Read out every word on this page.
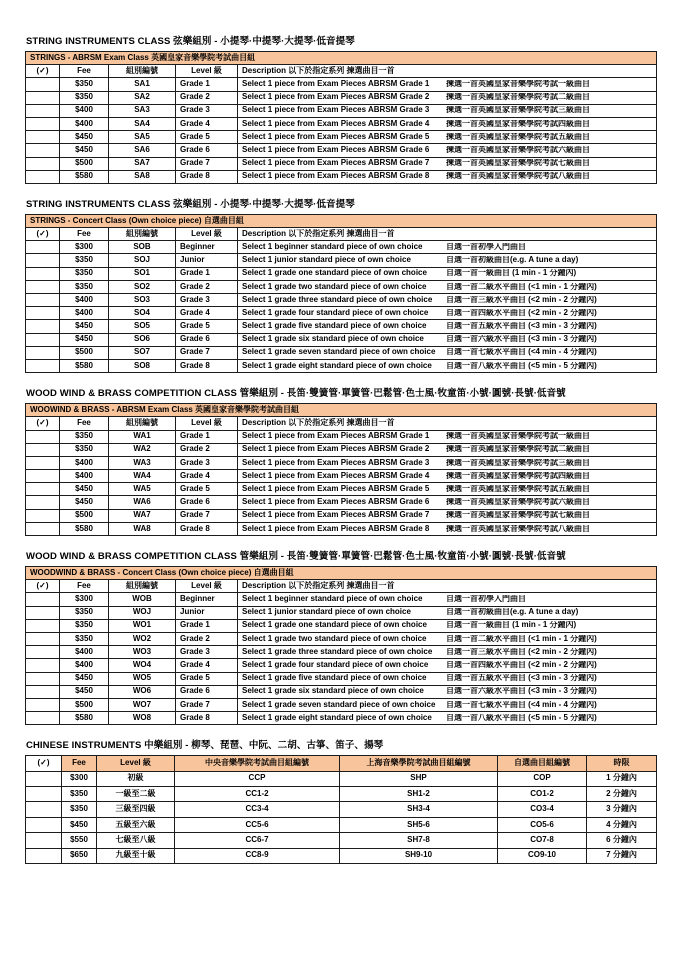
STRING INSTRUMENTS CLASS 弦樂組別 - 小提琴·中提琴·大提琴·低音提琴
STRINGS - ABRSM Exam Class 英國皇家音樂學院考試曲目組				
(✓)	Fee	組別編號	Level 級	Description 以下於指定系列 揀選曲目一首
	$350	SA1	Grade 1	Select 1 piece from Exam Pieces ABRSM Grade 1 揀選一首英國皇家音樂學院考試一級曲目

	$350	SA2	Grade 2	Select 1 piece from Exam Pieces ABRSM Grade 2 揀選一首英國皇家音樂學院考試二級曲目

	$400	SA3	Grade 3	Select 1 piece from Exam Pieces ABRSM Grade 3 揀選一首英國皇家音樂學院考試三級曲目

	$400	SA4	Grade 4	Select 1 piece from Exam Pieces ABRSM Grade 4 揀選一首英國皇家音樂學院考試四級曲目

	$450	SA5	Grade 5	Select 1 piece from Exam Pieces ABRSM Grade 5 揀選一首英國皇家音樂學院考試五級曲目

	$450	SA6	Grade 6	Select 1 piece from Exam Pieces ABRSM Grade 6 揀選一首英國皇家音樂學院考試六級曲目

	$500	SA7	Grade 7	Select 1 piece from Exam Pieces ABRSM Grade 7 揀選一首英國皇家音樂學院考試七級曲目

	$580	SA8	Grade 8	Select 1 piece from Exam Pieces ABRSM Grade 8 揀選一首英國皇家音樂學院考試八級曲目
STRING INSTRUMENTS CLASS 弦樂組別 - 小提琴·中提琴·大提琴·低音提琴
STRINGS - Concert Class (Own choice piece) 自選曲目組				
(✓)	Fee	組別編號	Level 級	Description 以下於指定系列 揀選曲目一首
	$300	SOB	Beginner	Select 1 beginner standard piece of own choice 自選一首初學入門曲目

	$350	SOJ	Junior	Select 1 junior standard piece of own choice 自選一首初級曲目(e.g. A tune a day)

	$350	SO1	Grade 1	Select 1 grade one standard piece of own choice 自選一首一級曲目 (1 min - 1 分鐘內)

	$350	SO2	Grade 2	Select 1 grade two standard piece of own choice 自選一首二級水平曲目 (<1 min - 1 分鐘內)

	$400	SO3	Grade 3	Select 1 grade three standard piece of own choice 自選一首三級水平曲目 (<2 min - 2 分鐘內)

	$400	SO4	Grade 4	Select 1 grade four standard piece of own choice 自選一首四級水平曲目 (<2 min - 2 分鐘內)

	$450	SO5	Grade 5	Select 1 grade five standard piece of own choice 自選一首五級水平曲目 (<3 min - 3 分鐘內)

	$450	SO6	Grade 6	Select 1 grade six standard piece of own choice 自選一首六級水平曲目 (<3 min - 3 分鐘內)

	$500	SO7	Grade 7	Select 1 grade seven standard piece of own choice 自選一首七級水平曲目 (<4 min - 4 分鐘內)

	$580	SO8	Grade 8	Select 1 grade eight standard piece of own choice 自選一首八級水平曲目 (<5 min - 5 分鐘內)
WOOD WIND & BRASS COMPETITION CLASS 管樂組別 - 長笛·雙簧管·單簧管·巴鬆管·色士風·牧童笛·小號·圓號·長號·低音號
WOOWIND & BRASS - ABRSM Exam Class 英國皇家音樂學院考試曲目組				
(✓)	Fee	組別編號	Level 級	Description 以下於指定系列 揀選曲目一首
	$350	WA1	Grade 1	Select 1 piece from Exam Pieces ABRSM Grade 1 揀選一首英國皇家音樂學院考試一級曲目

	$350	WA2	Grade 2	Select 1 piece from Exam Pieces ABRSM Grade 2 揀選一首英國皇家音樂學院考試二級曲目

	$400	WA3	Grade 3	Select 1 piece from Exam Pieces ABRSM Grade 3 揀選一首英國皇家音樂學院考試三級曲目

	$400	WA4	Grade 4	Select 1 piece from Exam Pieces ABRSM Grade 4 揀選一首英國皇家音樂學院考試四級曲目

	$450	WA5	Grade 5	Select 1 piece from Exam Pieces ABRSM Grade 5 揀選一首英國皇家音樂學院考試五級曲目

	$450	WA6	Grade 6	Select 1 piece from Exam Pieces ABRSM Grade 6 揀選一首英國皇家音樂學院考試六級曲目

	$500	WA7	Grade 7	Select 1 piece from Exam Pieces ABRSM Grade 7 揀選一首英國皇家音樂學院考試七級曲目

	$580	WA8	Grade 8	Select 1 piece from Exam Pieces ABRSM Grade 8 揀選一首英國皇家音樂學院考試八級曲目
WOOD WIND & BRASS COMPETITION CLASS 管樂組別 - 長笛·雙簧管·單簧管·巴鬆管·色士風·牧童笛·小號·圓號·長號·低音號
WOODWIND & BRASS - Concert Class (Own choice piece) 自選曲目組				
(✓)	Fee	組別編號	Level 級	Description 以下於指定系列 揀選曲目一首
	$300	WOB	Beginner	Select 1 beginner standard piece of own choice 自選一首初學入門曲目

	$350	WOJ	Junior	Select 1 junior standard piece of own choice 自選一首初級曲目(e.g. A tune a day)

	$350	WO1	Grade 1	Select 1 grade one standard piece of own choice 自選一首一級曲目 (1 min - 1 分鐘內)

	$350	WO2	Grade 2	Select 1 grade two standard piece of own choice 自選一首二級水平曲目 (<1 min - 1 分鐘內)

	$400	WO3	Grade 3	Select 1 grade three standard piece of own choice 自選一首三級水平曲目 (<2 min - 2 分鐘內)

	$400	WO4	Grade 4	Select 1 grade four standard piece of own choice 自選一首四級水平曲目 (<2 min - 2 分鐘內)

	$450	WO5	Grade 5	Select 1 grade five standard piece of own choice 自選一首五級水平曲目 (<3 min - 3 分鐘內)

	$450	WO6	Grade 6	Select 1 grade six standard piece of own choice 自選一首六級水平曲目 (<3 min - 3 分鐘內)

	$500	WO7	Grade 7	Select 1 grade seven standard piece of own choice 自選一首七級水平曲目 (<4 min - 4 分鐘內)

	$580	WO8	Grade 8	Select 1 grade eight standard piece of own choice 自選一首八級水平曲目 (<5 min - 5 分鐘內)
CHINESE INSTRUMENTS 中樂組別 - 柳琴、琵琶、中阮、二胡、古箏、笛子、揚琴
(✓)	Fee	Level 級	中央音樂學院考試曲目組編號	上海音樂學院考試曲目組編號	自選曲目組編號	時限
	$300	初級	CCP	SHP	COP	1 分鐘內
	$350	一級至二級	CC1-2	SH1-2	CO1-2	2 分鐘內
	$350	三級至四級	CC3-4	SH3-4	CO3-4	3 分鐘內
	$450	五級至六級	CC5-6	SH5-6	CO5-6	4 分鐘內
	$550	七級至八級	CC6-7	SH7-8	CO7-8	6 分鐘內
	$650	九級至十級	CC8-9	SH9-10	CO9-10	7 分鐘內
